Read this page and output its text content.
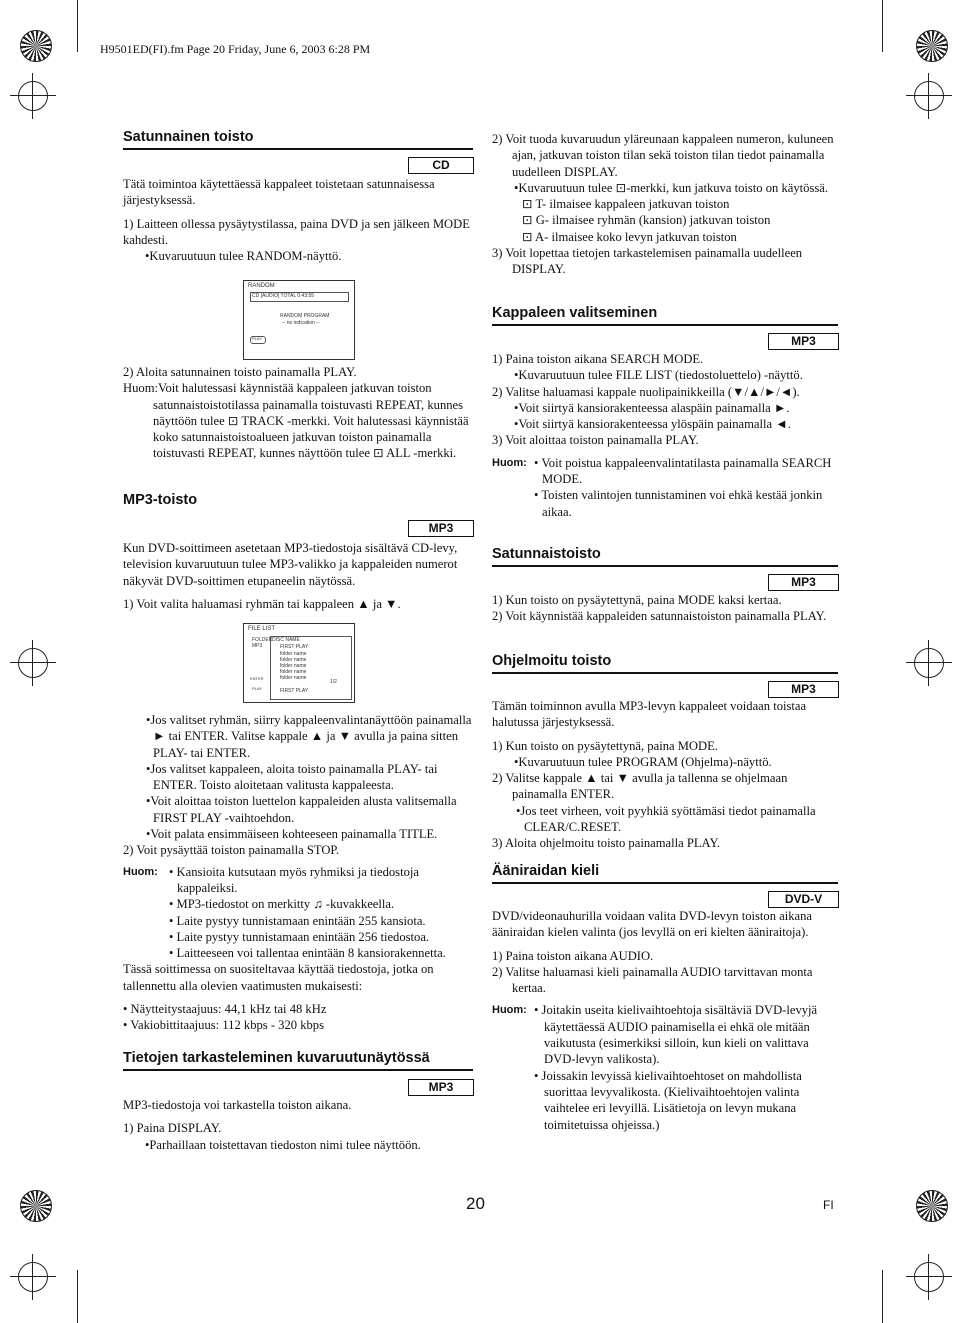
H9501ED(FI).fm Page 20 Friday, June 6, 2003 6:28 PM
Satunnainen toisto
CD

Tätä toimintoa käytettäessä kappaleet toistetaan satunnaisessa järjestyksessä.

1) Laitteen ollessa pysäytystilassa, paina DVD ja sen jälkeen MODE kahdesti.

•Kuvaruutuun tulee RANDOM-näyttö.

RANDOM
CD [AUDIO] TOTAL 0:43:55
RANDOM PROGRAM
-- no indication --
PLAY

2) Aloita satunnainen toisto painamalla PLAY.

Huom:Voit halutessasi käynnistää kappaleen jatkuvan toiston satunnaistoistotilassa painamalla toistuvasti REPEAT, kunnes näyttöön tulee ⊡ TRACK -merkki. Voit halutessasi käynnistää koko satunnaistoistoalueen jatkuvan toiston painamalla toistuvasti REPEAT, kunnes näyttöön tulee ⊡ ALL -merkki.

MP3-toisto
MP3

Kun DVD-soittimeen asetetaan MP3-tiedostoja sisältävä CD-levy, television kuvaruutuun tulee MP3-valikko ja kappaleiden numerot näkyvät DVD-soittimen etupaneelin näytössä.

1) Voit valita haluamasi ryhmän tai kappaleen ▲ ja ▼.

FILE LIST
FOLDER
MP3
DISC NAME
FIRST PLAY
folder name
folder name
folder name
folder name
folder name
1/2
ENTER
PLAY	FIRST PLAY

•Jos valitset ryhmän, siirry kappaleenvalintanäyttöön painamalla ► tai ENTER. Valitse kappale ▲ ja ▼ avulla ja paina sitten PLAY- tai ENTER.

•Jos valitset kappaleen, aloita toisto painamalla PLAY- tai ENTER. Toisto aloitetaan valitusta kappaleesta.

•Voit aloittaa toiston luettelon kappaleiden alusta valitsemalla FIRST PLAY -vaihtoehdon.

•Voit palata ensimmäiseen kohteeseen painamalla TITLE.

2) Voit pysäyttää toiston painamalla STOP.

Huom: • Kansioita kutsutaan myös ryhmiksi ja tiedostoja kappaleiksi.

• MP3-tiedostot on merkitty ♫ -kuvakkeella.

• Laite pystyy tunnistamaan enintään 255 kansiota.

• Laite pystyy tunnistamaan enintään 256 tiedostoa.

• Laitteeseen voi tallentaa enintään 8 kansiorakennetta.

Tässä soittimessa on suositeltavaa käyttää tiedostoja, jotka on tallennettu alla olevien vaatimusten mukaisesti:

• Näytteitystaajuus: 44,1 kHz tai 48 kHz

• Vakiobittitaajuus: 112 kbps - 320 kbps

Tietojen tarkasteleminen kuvaruutunäytössä
MP3

MP3-tiedostoja voi tarkastella toiston aikana.

1) Paina DISPLAY.

•Parhaillaan toistettavan tiedoston nimi tulee näyttöön.

2) Voit tuoda kuvaruudun yläreunaan kappaleen numeron, kuluneen ajan, jatkuvan toiston tilan sekä toiston tilan tiedot painamalla uudelleen DISPLAY.

•Kuvaruutuun tulee ⊡-merkki, kun jatkuva toisto on käytössä.

⊡ T- ilmaisee kappaleen jatkuvan toiston

⊡ G- ilmaisee ryhmän (kansion) jatkuvan toiston

⊡ A- ilmaisee koko levyn jatkuvan toiston

3) Voit lopettaa tietojen tarkastelemisen painamalla uudelleen DISPLAY.

Kappaleen valitseminen
MP3

1) Paina toiston aikana SEARCH MODE.

•Kuvaruutuun tulee FILE LIST (tiedostoluettelo) -näyttö.

2) Valitse haluamasi kappale nuolipainikkeilla (▼/▲/►/◄).

•Voit siirtyä kansiorakenteessa alaspäin painamalla ►.

•Voit siirtyä kansiorakenteessa ylöspäin painamalla ◄.

3) Voit aloittaa toiston painamalla PLAY.

Huom: • Voit poistua kappaleenvalintatilasta painamalla SEARCH MODE.

• Toisten valintojen tunnistaminen voi ehkä kestää jonkin aikaa.

Satunnaistoisto
MP3

1) Kun toisto on pysäytettynä, paina MODE kaksi kertaa.

2) Voit käynnistää kappaleiden satunnaistoiston painamalla PLAY.

Ohjelmoitu toisto
MP3

Tämän toiminnon avulla MP3-levyn kappaleet voidaan toistaa halutussa järjestyksessä.

1) Kun toisto on pysäytettynä, paina MODE.

•Kuvaruutuun tulee PROGRAM (Ohjelma)-näyttö.

2) Valitse kappale ▲ tai ▼ avulla ja tallenna se ohjelmaan painamalla ENTER.

•Jos teet virheen, voit pyyhkiä syöttämäsi tiedot painamalla CLEAR/C.RESET.

3) Aloita ohjelmoitu toisto painamalla PLAY.

Ääniraidan kieli
DVD-V

DVD/videonauhurilla voidaan valita DVD-levyn toiston aikana ääniraidan kielen valinta (jos levyllä on eri kielten ääniraitoja).

1) Paina toiston aikana AUDIO.

2) Valitse haluamasi kieli painamalla AUDIO tarvittavan monta kertaa.

Huom: • Joitakin useita kielivaihtoehtoja sisältäviä DVD-levyjä käytettäessä AUDIO painamisella ei ehkä ole mitään vaikutusta (esimerkiksi silloin, kun kieli on valittava DVD-levyn valikosta).

• Joissakin levyissä kielivaihtoehtoset on mahdollista suorittaa levyvalikosta. (Kielivaihtoehtojen valinta vaihtelee eri levyillä. Lisätietoja on levyn mukana toimitetuissa ohjeissa.)

20	FI
